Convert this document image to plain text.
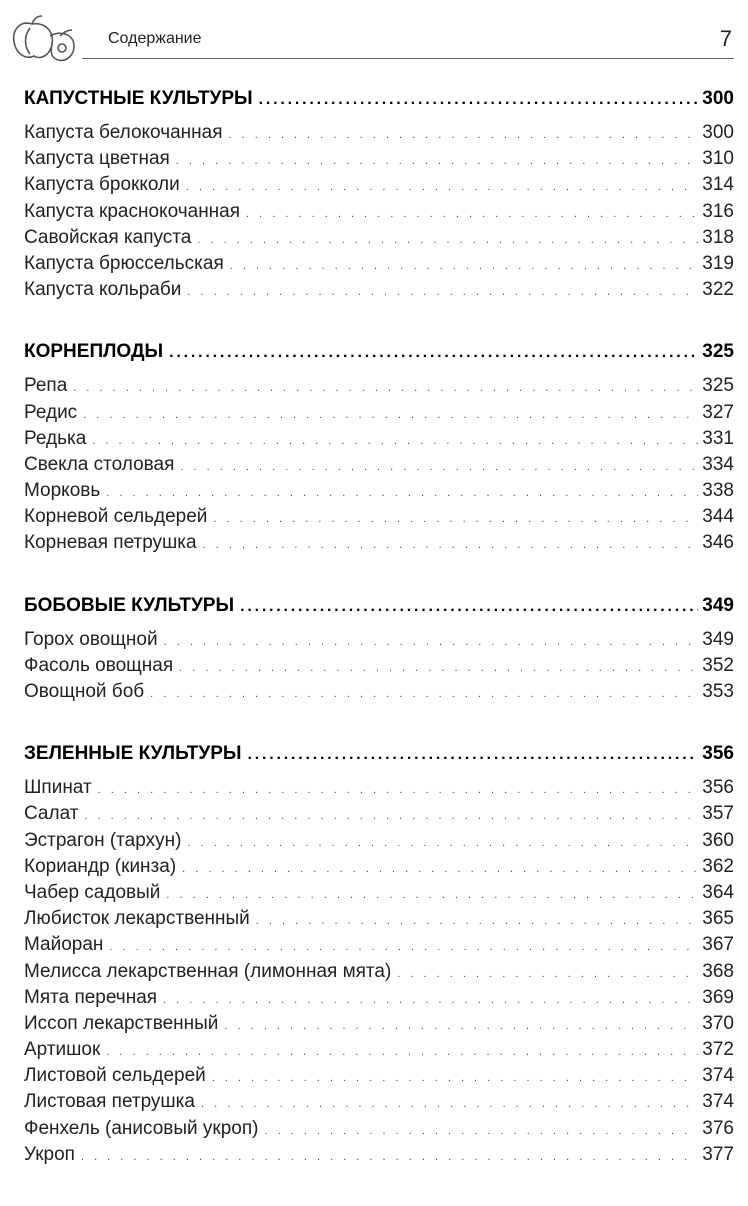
Содержание	7
КАПУСТНЫЕ КУЛЬТУРЫ .....	300
Капуста белокочанная . . .	300
Капуста цветная . . .	310
Капуста брокколи . . .	314
Капуста краснокочанная . . .	316
Савойская капуста . . .	318
Капуста брюссельская . . .	319
Капуста кольраби . . .	322
КОРНЕПЛОДЫ .....	325
Репа . . .	325
Редис . . .	327
Редька . . .	331
Свекла столовая . . .	334
Морковь . . .	338
Корневой сельдерей . . .	344
Корневая петрушка . . .	346
БОБОВЫЕ КУЛЬТУРЫ .....	349
Горох овощной . . .	349
Фасоль овощная . . .	352
Овощной боб . . .	353
ЗЕЛЕННЫЕ КУЛЬТУРЫ .....	356
Шпинат . . .	356
Салат . . .	357
Эстрагон (тархун) . . .	360
Кориандр (кинза) . . .	362
Чабер садовый . . .	364
Любисток лекарственный . . .	365
Майоран . . .	367
Мелисса лекарственная (лимонная мята) . . .	368
Мята перечная . . .	369
Иссоп лекарственный . . .	370
Артишок . . .	372
Листовой сельдерей . . .	374
Листовая петрушка . . .	374
Фенхель (анисовый укроп) . . .	376
Укроп . . .	377
